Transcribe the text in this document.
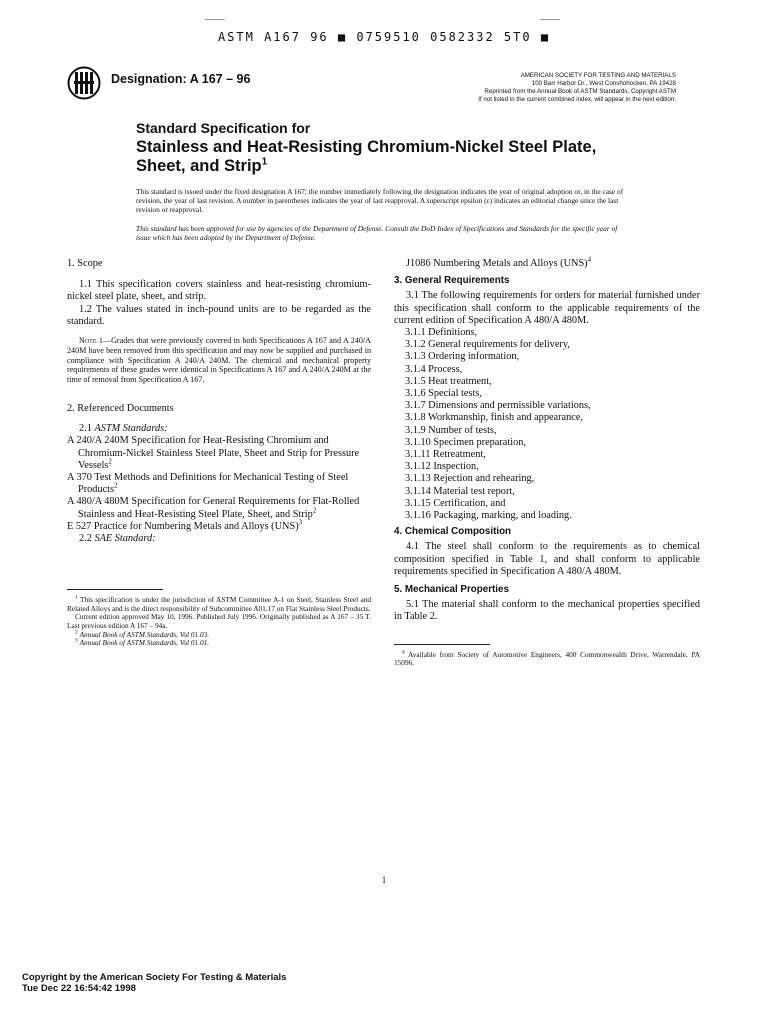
ASTM A167 96 ■ 0759510 0582332 5T0 ■
Designation: A 167 – 96	AMERICAN SOCIETY FOR TESTING AND MATERIALS
100 Barr Harbor Dr., West Conshohocken, PA 19428
Reprinted from the Annual Book of ASTM Standards. Copyright ASTM
If not listed in the current combined index, will appear in the next edition.
Standard Specification for
Stainless and Heat-Resisting Chromium-Nickel Steel Plate,
Sheet, and Strip$^1$
This standard is issued under the fixed designation A 167; the number immediately following the designation indicates the year of original adoption or, in the case of revision, the year of last revision. A number in parentheses indicates the year of last reapproval. A superscript epsilon (ε) indicates an editorial change since the last revision or reapproval.
This standard has been approved for use by agencies of the Department of Defense. Consult the DoD Index of Specifications and Standards for the specific year of issue which has been adopted by the Department of Defense.

1. Scope

1.1 This specification covers stainless and heat-resisting chromium-nickel steel plate, sheet, and strip.

1.2 The values stated in inch-pound units are to be regarded as the standard.

Note 1—Grades that were previously covered in both Specifications A 167 and A 240/A 240M have been removed from this specification and may now be supplied and purchased in compliance with Specification A 240/A 240M. The chemical and mechanical property requirements of these grades were identical in Specifications A 167 and A 240/A 240M at the time of removal from Specification A 167.

2. Referenced Documents

2.1 ASTM Standards:

A 240/A 240M Specification for Heat-Resisting Chromium and Chromium-Nickel Stainless Steel Plate, Sheet and Strip for Pressure Vessels$^2$

A 370 Test Methods and Definitions for Mechanical Testing of Steel Products$^2$

A 480/A 480M Specification for General Requirements for Flat-Rolled Stainless and Heat-Resisting Steel Plate, Sheet, and Strip$^2$

E 527 Practice for Numbering Metals and Alloys (UNS)$^3$

2.2 SAE Standard:

$^1$ This specification is under the jurisdiction of ASTM Committee A-1 on Steel, Stainless Steel and Related Alloys and is the direct responsibility of Subcommittee A01.17 on Flat Stainless Steel Products.

Current edition approved May 10, 1996. Published July 1996. Originally published as A 167 – 35 T. Last previous edition A 167 – 94a.

$^2$ Annual Book of ASTM Standards, Vol 01.03.

$^3$ Annual Book of ASTM Standards, Vol 01.01.

J1086 Numbering Metals and Alloys (UNS)$^4$

3. General Requirements

3.1 The following requirements for orders for material furnished under this specification shall conform to the applicable requirements of the current edition of Specification A 480/A 480M.

3.1.1 Definitions,

3.1.2 General requirements for delivery,

3.1.3 Ordering information,

3.1.4 Process,

3.1.5 Heat treatment,

3.1.6 Special tests,

3.1.7 Dimensions and permissible variations,

3.1.8 Workmanship, finish and appearance,

3.1.9 Number of tests,

3.1.10 Specimen preparation,

3.1.11 Retreatment,

3.1.12 Inspection,

3.1.13 Rejection and rehearing,

3.1.14 Material test report,

3.1.15 Certification, and

3.1.16 Packaging, marking, and loading.

4. Chemical Composition

4.1 The steel shall conform to the requirements as to chemical composition specified in Table 1, and shall conform to applicable requirements specified in Specification A 480/A 480M.

5. Mechanical Properties

5.1 The material shall conform to the mechanical properties specified in Table 2.

$^4$ Available from Society of Automotive Engineers, 400 Commonwealth Drive, Warrendale, PA 15096.

1
Copyright by the American Society For Testing & Materials
Tue Dec 22 16:54:42 1998
